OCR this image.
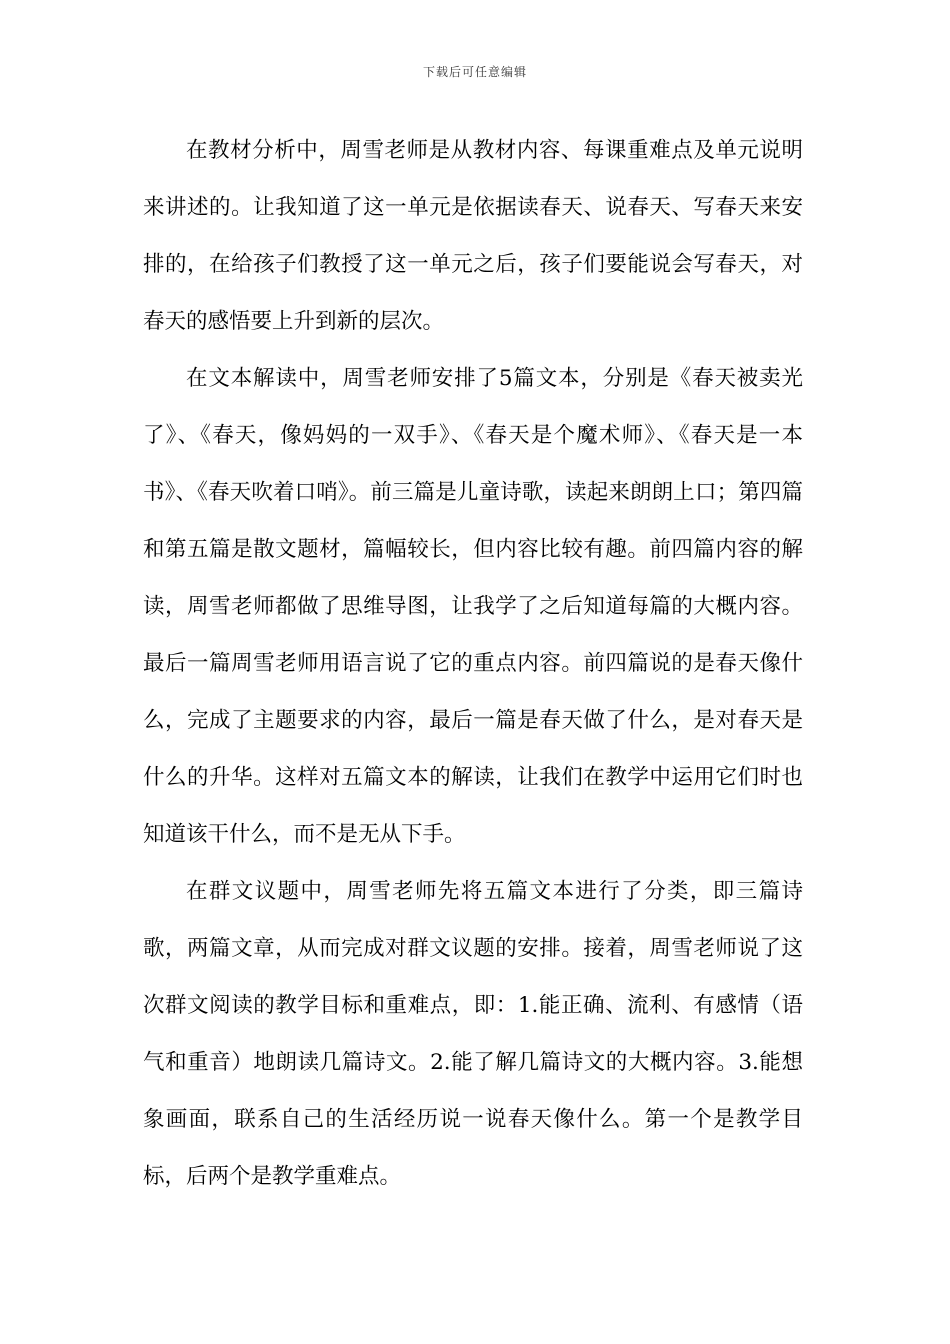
下载后可任意编辑

在教材分析中，周雪老师是从教材内容、每课重难点及单元说明来讲述的。让我知道了这一单元是依据读春天、说春天、写春天来安排的，在给孩子们教授了这一单元之后，孩子们要能说会写春天，对春天的感悟要上升到新的层次。

在文本解读中，周雪老师安排了5篇文本，分别是《春天被卖光了》、《春天，像妈妈的一双手》、《春天是个魔术师》、《春天是一本书》、《春天吹着口哨》。前三篇是儿童诗歌，读起来朗朗上口；第四篇和第五篇是散文题材，篇幅较长，但内容比较有趣。前四篇内容的解读，周雪老师都做了思维导图，让我学了之后知道每篇的大概内容。最后一篇周雪老师用语言说了它的重点内容。前四篇说的是春天像什么，完成了主题要求的内容，最后一篇是春天做了什么，是对春天是什么的升华。这样对五篇文本的解读，让我们在教学中运用它们时也知道该干什么，而不是无从下手。

在群文议题中，周雪老师先将五篇文本进行了分类，即三篇诗歌，两篇文章，从而完成对群文议题的安排。接着，周雪老师说了这次群文阅读的教学目标和重难点，即：1.能正确、流利、有感情（语气和重音）地朗读几篇诗文。2.能了解几篇诗文的大概内容。3.能想象画面，联系自己的生活经历说一说春天像什么。第一个是教学目标，后两个是教学重难点。
